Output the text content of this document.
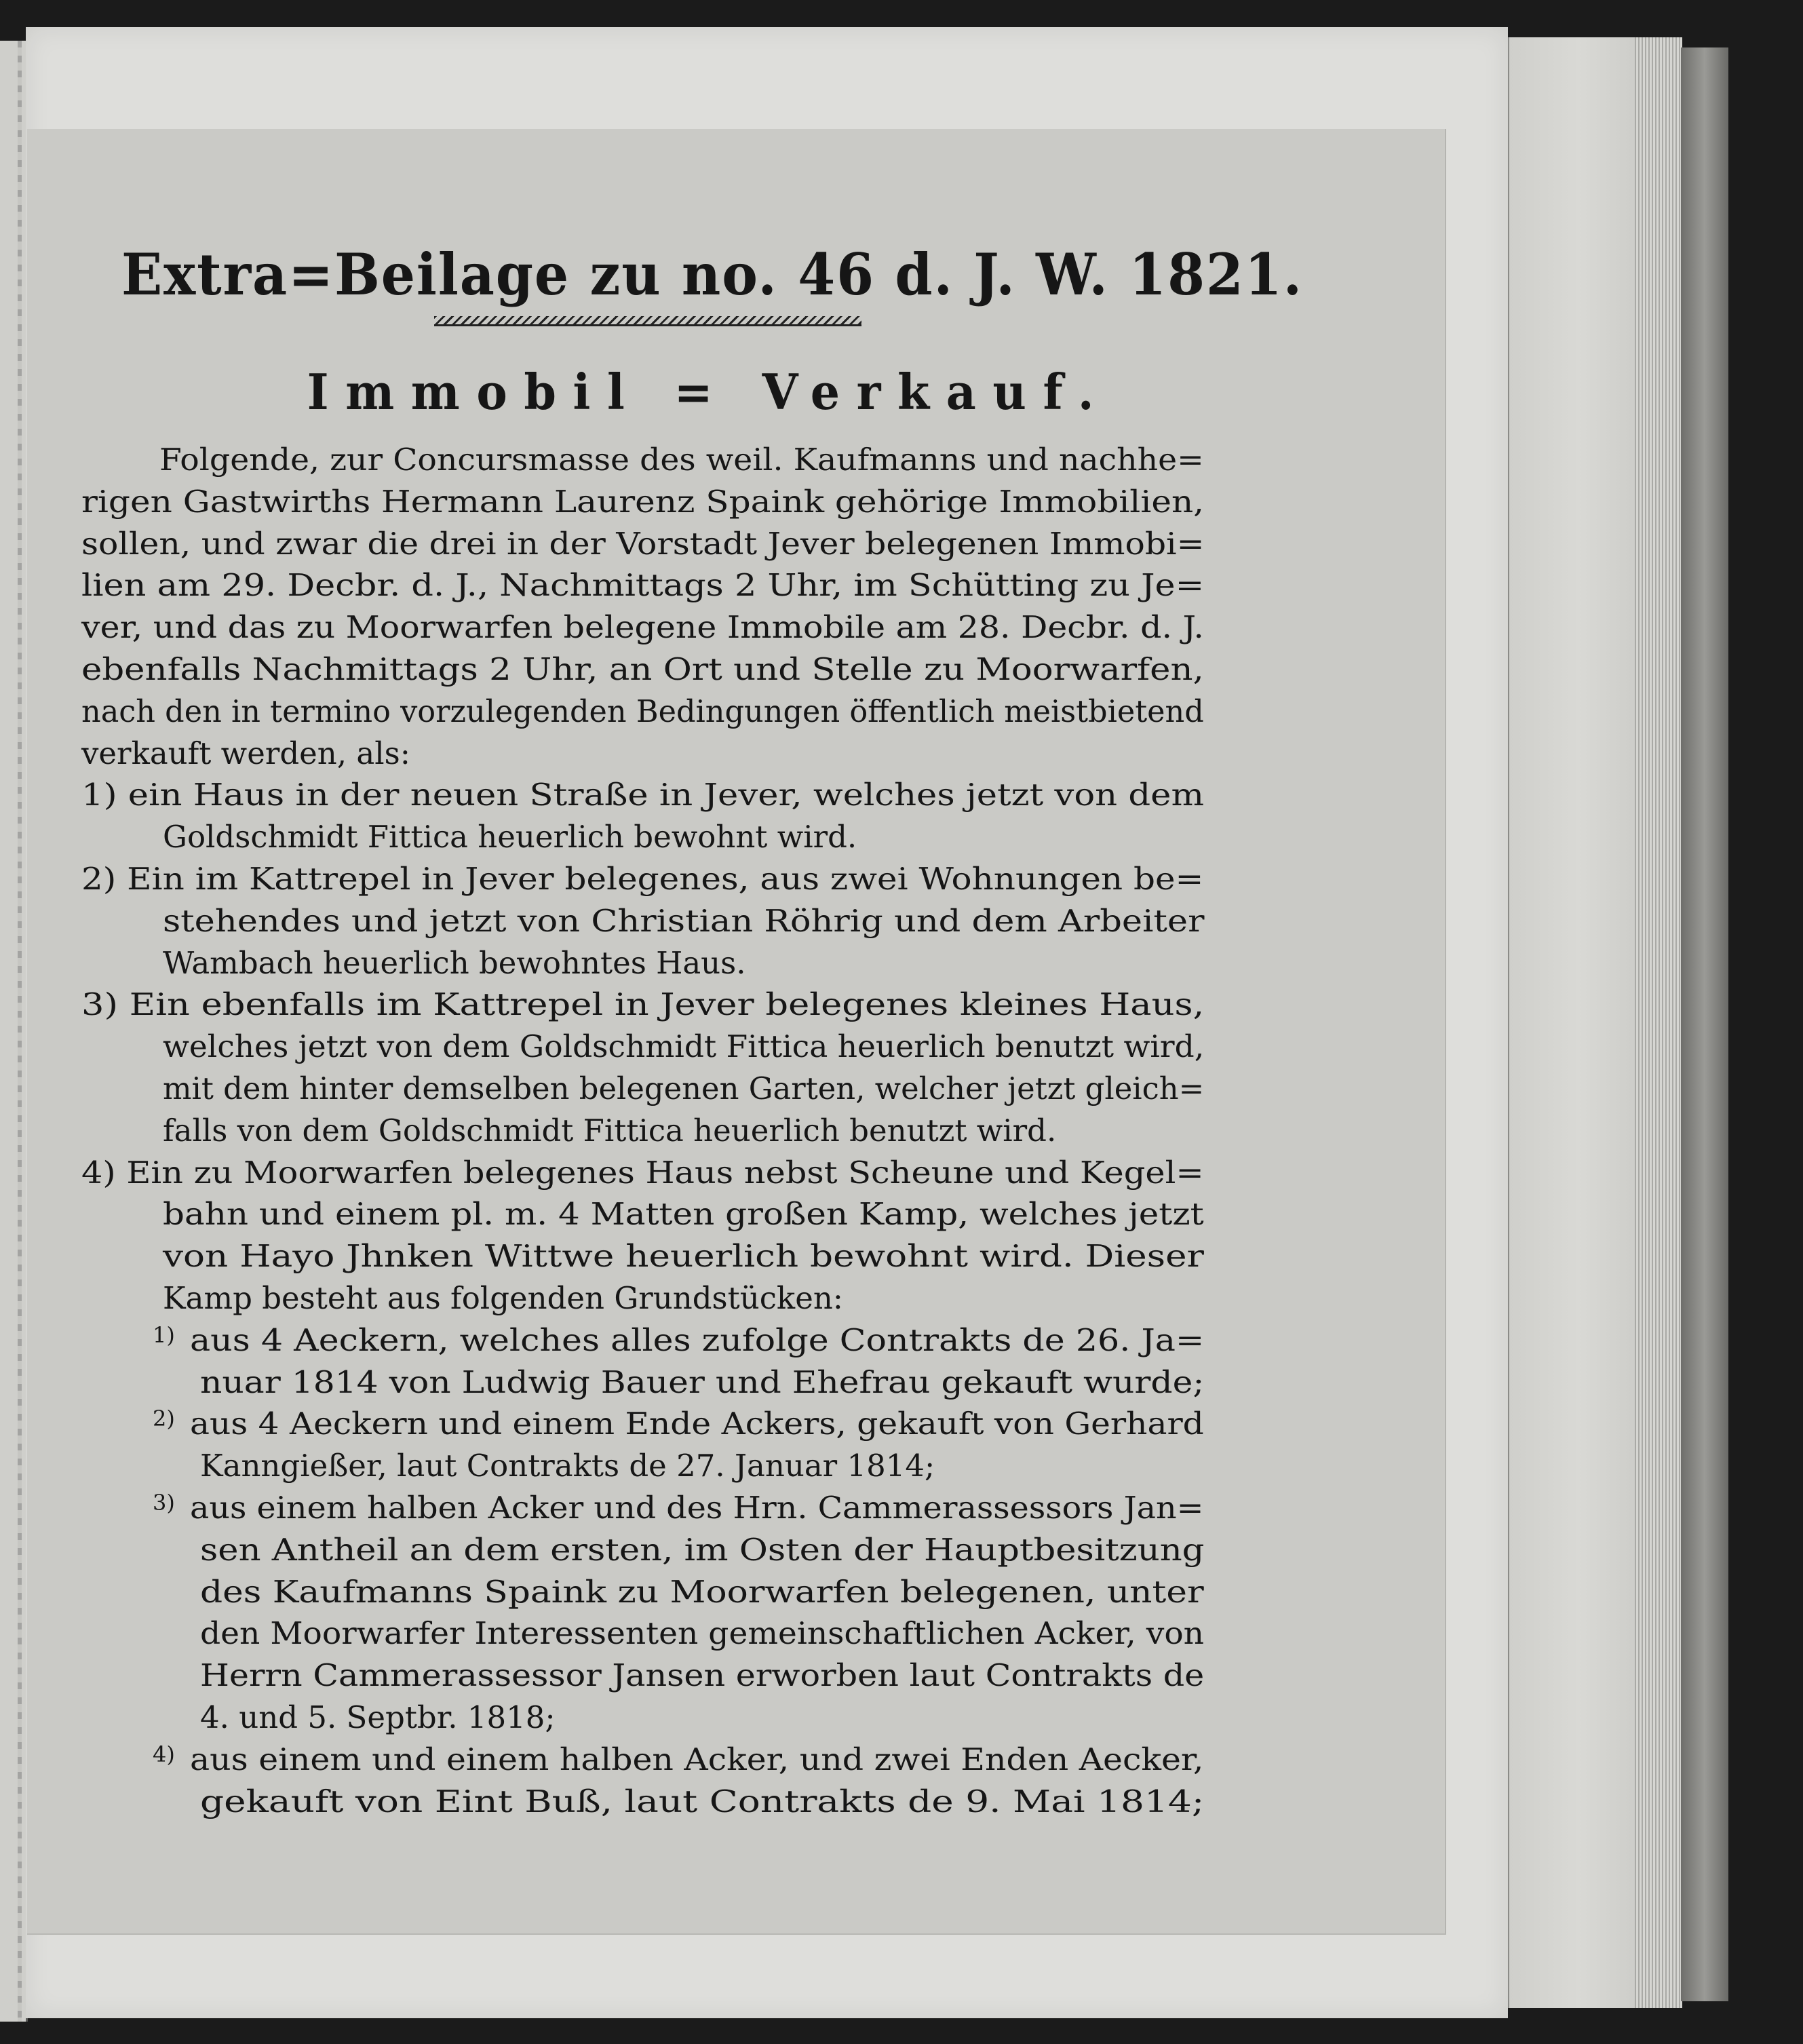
Extra=Beilage zu no. 46 d. J. W. 1821.
Immobil = Verkauf.
Folgende, zur Concursmasse des weil. Kaufmanns und nachhe=
rigen Gastwirths Hermann Laurenz Spaink gehörige Immobilien,
sollen, und zwar die drei in der Vorstadt Jever belegenen Immobi=
lien am 29. Decbr. d. J., Nachmittags 2 Uhr, im Schütting zu Je=
ver, und das zu Moorwarfen belegene Immobile am 28. Decbr. d. J.
ebenfalls Nachmittags 2 Uhr, an Ort und Stelle zu Moorwarfen,
nach den in termino vorzulegenden Bedingungen öffentlich meistbietend
verkauft werden, als:
1) ein Haus in der neuen Straße in Jever, welches jetzt von dem
Goldschmidt Fittica heuerlich bewohnt wird.
2) Ein im Kattrepel in Jever belegenes, aus zwei Wohnungen be=
stehendes und jetzt von Christian Röhrig und dem Arbeiter
Wambach heuerlich bewohntes Haus.
3) Ein ebenfalls im Kattrepel in Jever belegenes kleines Haus,
welches jetzt von dem Goldschmidt Fittica heuerlich benutzt wird,
mit dem hinter demselben belegenen Garten, welcher jetzt gleich=
falls von dem Goldschmidt Fittica heuerlich benutzt wird.
4) Ein zu Moorwarfen belegenes Haus nebst Scheune und Kegel=
bahn und einem pl. m. 4 Matten großen Kamp, welches jetzt
von Hayo Jhnken Wittwe heuerlich bewohnt wird. Dieser
Kamp besteht aus folgenden Grundstücken:
aus 4 Aeckern, welches alles zufolge Contrakts de 26. Ja=
nuar 1814 von Ludwig Bauer und Ehefrau gekauft wurde;
aus 4 Aeckern und einem Ende Ackers, gekauft von Gerhard
Kanngießer, laut Contrakts de 27. Januar 1814;
aus einem halben Acker und des Hrn. Cammerassessors Jan=
sen Antheil an dem ersten, im Osten der Hauptbesitzung
des Kaufmanns Spaink zu Moorwarfen belegenen, unter
den Moorwarfer Interessenten gemeinschaftlichen Acker, von
Herrn Cammerassessor Jansen erworben laut Contrakts de
4. und 5. Septbr. 1818;
aus einem und einem halben Acker, und zwei Enden Aecker,
gekauft von Eint Buß, laut Contrakts de 9. Mai 1814;
1)
2)
3)
4)
